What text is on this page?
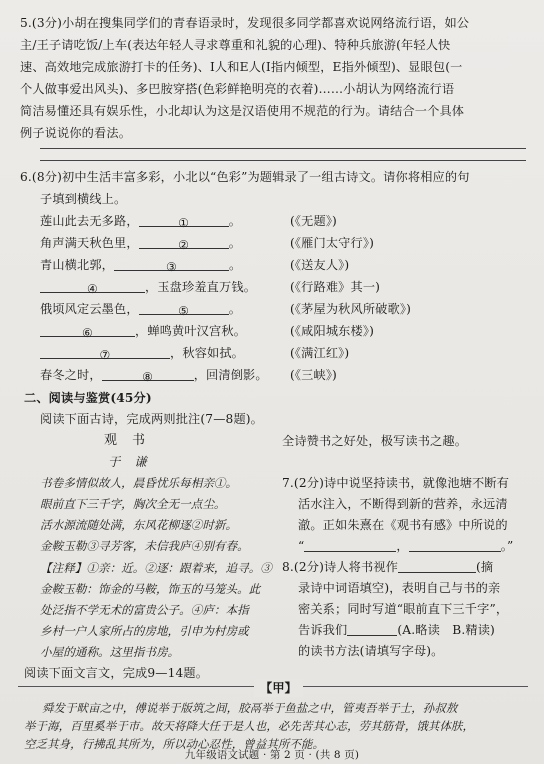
5.(3分)小胡在搜集同学们的青春语录时，发现很多同学都喜欢说网络流行语，如公
主/王子请吃饭/上车(表达年轻人寻求尊重和礼貌的心理)、特种兵旅游(年轻人快
速、高效地完成旅游打卡的任务)、I人和E人(I指内倾型，E指外倾型)、显眼包(一
个人做事爱出风头)、多巴胺穿搭(色彩鲜艳明亮的衣着)……小胡认为网络流行语
简洁易懂还具有娱乐性，小北却认为这是汉语使用不规范的行为。请结合一个具体
例子说说你的看法。
6.(8分)初中生活丰富多彩，小北以“色彩”为题辑录了一组古诗文。请你将相应的句
子填到横线上。
莲山此去无多路，	①	。	(《无题》)
角声满天秋色里，	②	。	(《雁门太守行》)
青山横北郭，	③	。	(《送友人》)
④	，玉盘珍羞直万钱。	(《行路难》其一)
俄顷风定云墨色，	⑤	。	(《茅屋为秋风所破歌》)
⑥	，蝉鸣黄叶汉宫秋。	(《咸阳城东楼》)
⑦	，秋容如拭。	(《满江红》)
春冬之时，	⑧	，回清倒影。 (《三峡》)
二、阅读与鉴赏(45分)
阅读下面古诗，完成两则批注(7—8题)。
观　书
于　谦
书卷多情似故人，晨昏忧乐每相亲①。
眼前直下三千字，胸次全无一点尘。
活水源流随处满，东风花柳逐②时新。
金鞍玉勒③寻芳客，未信我庐④别有春。
【注释】①亲：近。②逐：跟着来，追寻。③
金鞍玉勒：饰金的马鞍，饰玉的马笼头。此
处泛指不学无术的富贵公子。④庐：本指
乡村一户人家所占的房地，引申为村房或
小屋的通称。这里指书房。
全诗赞书之好处，极写读书之趣。
7.(2分)诗中说坚持读书，就像池塘不断有
活水注入，不断得到新的营养，永远清
澈。正如朱熹在《观书有感》中所说的
“	，	。”
8.(2分)诗人将书视作	(摘
录诗中词语填空)，表明自己与书的亲
密关系；同时写道“眼前直下三千字”，
告诉我们	(A.略读　B.精读)
的读书方法(请填写字母)。
阅读下面文言文，完成9—14题。
【甲】
舜发于畎亩之中，傅说举于版筑之间，胶鬲举于鱼盐之中，管夷吾举于士，孙叔敖
举于海，百里奚举于市。故天将降大任于是人也，必先苦其心志，劳其筋骨，饿其体肤，
空乏其身，行拂乱其所为，所以动心忍性，曾益其所不能。
九年级语文试题 · 第 2 页 · (共 8 页)
